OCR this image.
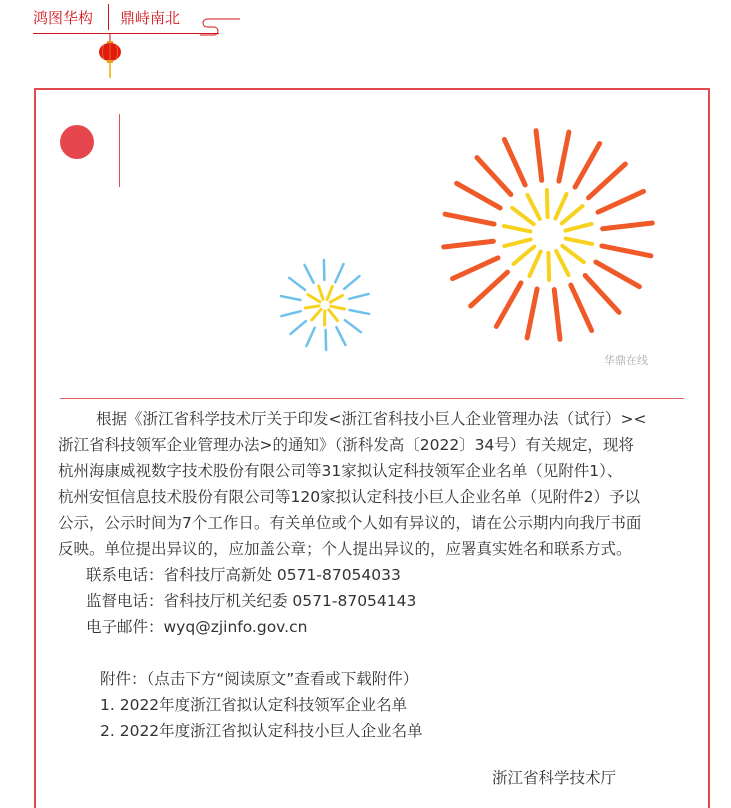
鸿图华构 鼎峙南北
华鼎在线

根据《浙江省科学技术厅关于印发<浙江省科技小巨人企业管理办法（试行）><

浙江省科技领军企业管理办法>的通知》（浙科发高〔2022〕34号）有关规定，现将

杭州海康威视数字技术股份有限公司等31家拟认定科技领军企业名单（见附件1）、

杭州安恒信息技术股份有限公司等120家拟认定科技小巨人企业名单（见附件2）予以

公示，公示时间为7个工作日。有关单位或个人如有异议的，请在公示期内向我厅书面

反映。单位提出异议的，应加盖公章；个人提出异议的，应署真实姓名和联系方式。

联系电话：省科技厅高新处 0571-87054033

监督电话：省科技厅机关纪委 0571-87054143

电子邮件：wyq@zjinfo.gov.cn

附件：（点击下方“阅读原文”查看或下载附件）

1. 2022年度浙江省拟认定科技领军企业名单

2. 2022年度浙江省拟认定科技小巨人企业名单

浙江省科学技术厅
